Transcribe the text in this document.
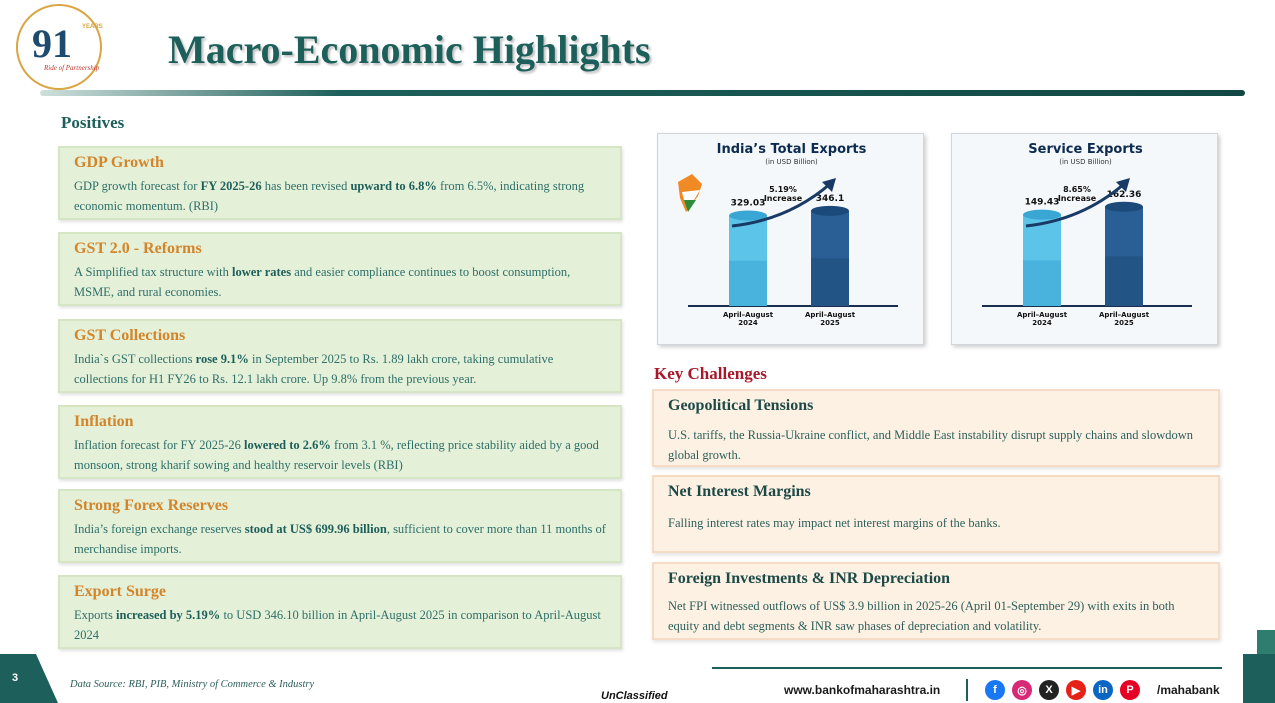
91 YEARS
Ride of Partnership Macro-Economic Highlights
Positives
GDP Growth

GDP growth forecast for FY 2025-26 has been revised upward to 6.8% from 6.5%, indicating strong economic momentum. (RBI)

GST 2.0 - Reforms

A Simplified tax structure with lower rates and easier compliance continues to boost consumption, MSME, and rural economies.

GST Collections

India`s GST collections rose 9.1% in September 2025 to Rs. 1.89 lakh crore, taking cumulative collections for H1 FY26 to Rs. 12.1 lakh crore. Up 9.8% from the previous year.

Inflation

Inflation forecast for FY 2025-26 lowered to 2.6% from 3.1 %, reflecting price stability aided by a good monsoon, strong kharif sowing and healthy reservoir levels (RBI)

Strong Forex Reserves

India’s foreign exchange reserves stood at US$ 699.96 billion, sufficient to cover more than 11 months of merchandise imports.

Export Surge

Exports increased by 5.19% to USD 346.10 billion in April-August 2025 in comparison to April-August 2024

India’s Total Exports
(in USD Billion)
329.03
April–August
2024
346.1
April–August
2025
5.19%
Increase
Service Exports
(in USD Billion)
149.43
April–August
2024
162.36
April–August
2025
8.65%
Increase
Key Challenges
Geopolitical Tensions

U.S. tariffs, the Russia-Ukraine conflict, and Middle East instability disrupt supply chains and slowdown global growth.

Net Interest Margins

Falling interest rates may impact net interest margins of the banks.

Foreign Investments & INR Depreciation

Net FPI witnessed outflows of US$ 3.9 billion in 2025-26 (April 01-September 29) with exits in both equity and debt segments & INR saw phases of depreciation and volatility.

3
Data Source: RBI, PIB, Ministry of Commerce & Industry
UnClassified	www.bankofmaharashtra.in	f	◎	X	▶	in	P	/mahabank
